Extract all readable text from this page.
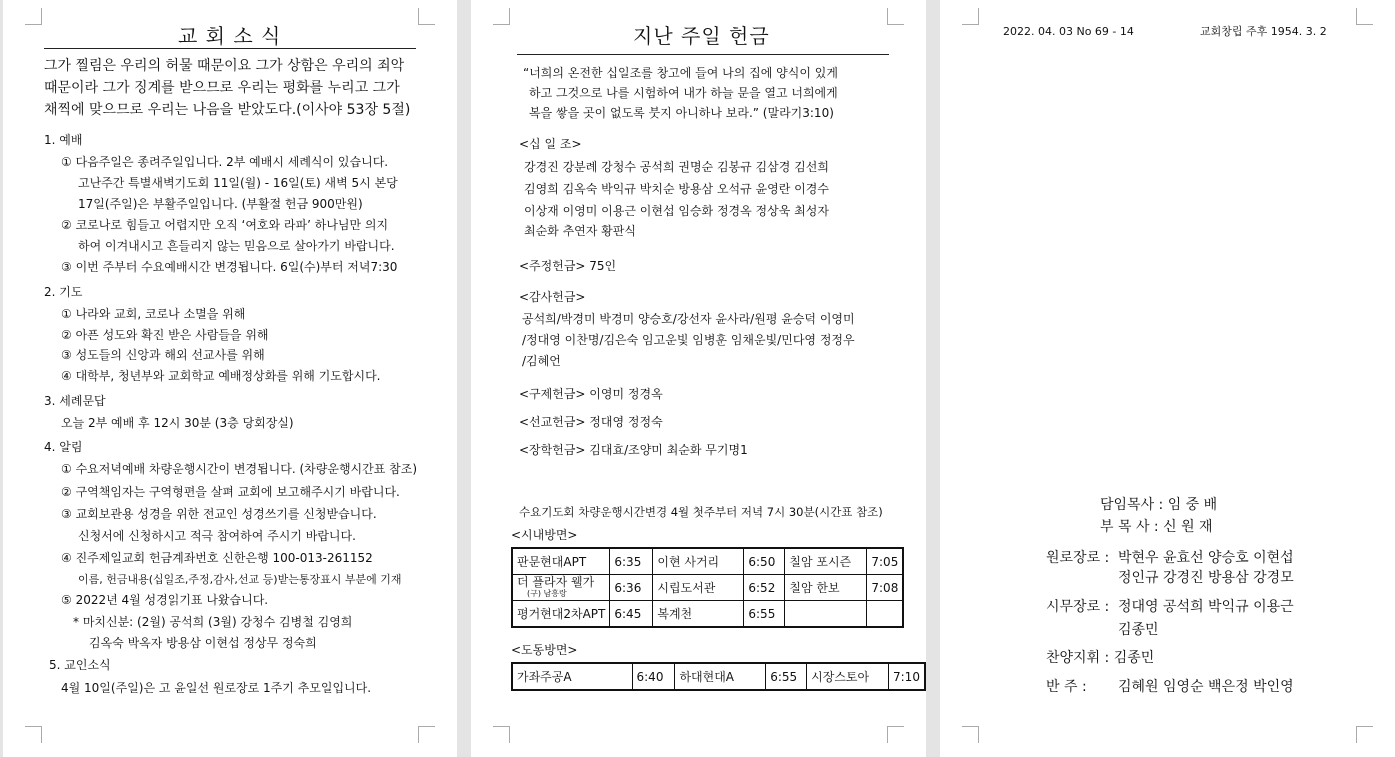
교 회 소 식
그가 찔림은 우리의 허물 때문이요 그가 상함은 우리의 죄악
때문이라 그가 징계를 받으므로 우리는 평화를 누리고 그가
채찍에 맞으므로 우리는 나음을 받았도다.(이사야 53장 5절)
1. 예배
① 다음주일은 종려주일입니다. 2부 예배시 세례식이 있습니다.
고난주간 특별새벽기도회 11일(월) - 16일(토) 새벽 5시 본당
17일(주일)은 부활주일입니다. (부활절 헌금 900만원)
② 코로나로 힘들고 어렵지만 오직 ‘여호와 라파’ 하나님만 의지
하여 이겨내시고 흔들리지 않는 믿음으로 살아가기 바랍니다.
③ 이번 주부터 수요예배시간 변경됩니다. 6일(수)부터 저녁7:30
2. 기도
① 나라와 교회, 코로나 소멸을 위해
② 아픈 성도와 확진 받은 사람들을 위해
③ 성도들의 신앙과 해외 선교사를 위해
④ 대학부, 청년부와 교회학교 예배정상화를 위해 기도합시다.
3. 세례문답
오늘 2부 예배 후 12시 30분 (3층 당회장실)
4. 알림
① 수요저녁예배 차량운행시간이 변경됩니다. (차량운행시간표 참조)
② 구역책임자는 구역형편을 살펴 교회에 보고해주시기 바랍니다.
③ 교회보관용 성경을 위한 전교인 성경쓰기를 신청받습니다.
신청서에 신청하시고 적극 참여하여 주시기 바랍니다.
④ 진주제일교회 헌금계좌번호 신한은행 100-013-261152
이름, 헌금내용(십일조,주정,감사,선교 등)받는통장표시 부분에 기재
⑤ 2022년 4월 성경읽기표 나왔습니다.
* 마치신분: (2월) 공석희 (3월) 강청수 김병철 김영희
김옥숙 박옥자 방용삼 이현섭 정상무 정숙희
5. 교인소식
4월 10일(주일)은 고 윤일선 원로장로 1주기 추모일입니다.
지난 주일 헌금
“너희의 온전한 십일조를 창고에 들여 나의 집에 양식이 있게
하고 그것으로 나를 시험하여 내가 하늘 문을 열고 너희에게
복을 쌓을 곳이 없도록 붓지 아니하나 보라.” (말라기3:10)
<십 일 조>
강경진 강분례 강청수 공석희 권명순 김봉규 김삼경 김선희
김영희 김옥숙 박익규 박치순 방용삼 오석규 윤영란 이경수
이상재 이영미 이용근 이현섭 임승화 정경옥 정상욱 최성자
최순화 추연자 황판식
<주정헌금> 75인
<감사헌금>
공석희/박경미 박경미 양승호/강선자 윤사라/원평 윤승덕 이영미
/정대영 이찬명/김은숙 임고운빛 임병훈 임채운빛/민다영 정정우
/김혜언
<구제헌금> 이영미 정경옥
<선교헌금> 정대영 정정숙
<장학헌금> 김대효/조양미 최순화 무기명1
수요기도회 차량운행시간변경 4월 첫주부터 저녁 7시 30분(시간표 참조)
<시내방면>
판문현대APT	6:35	이현 사거리	6:50	칠암 포시즌	7:05

더 플라자 웰가
(구) 남흥랑	6:36	시립도서관	6:52	칠암 한보	7:08
평거현대2차APT	6:45	복계천	6:55		
<도동방면>
가좌주공A	6:40	하대현대A	6:55	시장스토아	7:10
2022. 04. 03 No 69 - 14	교회창립 주후 1954. 3. 2
담임목사 : 임 중 배
부 목 사 : 신 원 재
원로장로 : 박현우 윤효선 양승호 이현섭
정인규 강경진 방용삼 강경모
시무장로 : 정대영 공석희 박익규 이용근
김종민
찬양지휘 : 김종민
반 주 : 김혜원 임영순 백은정 박인영
